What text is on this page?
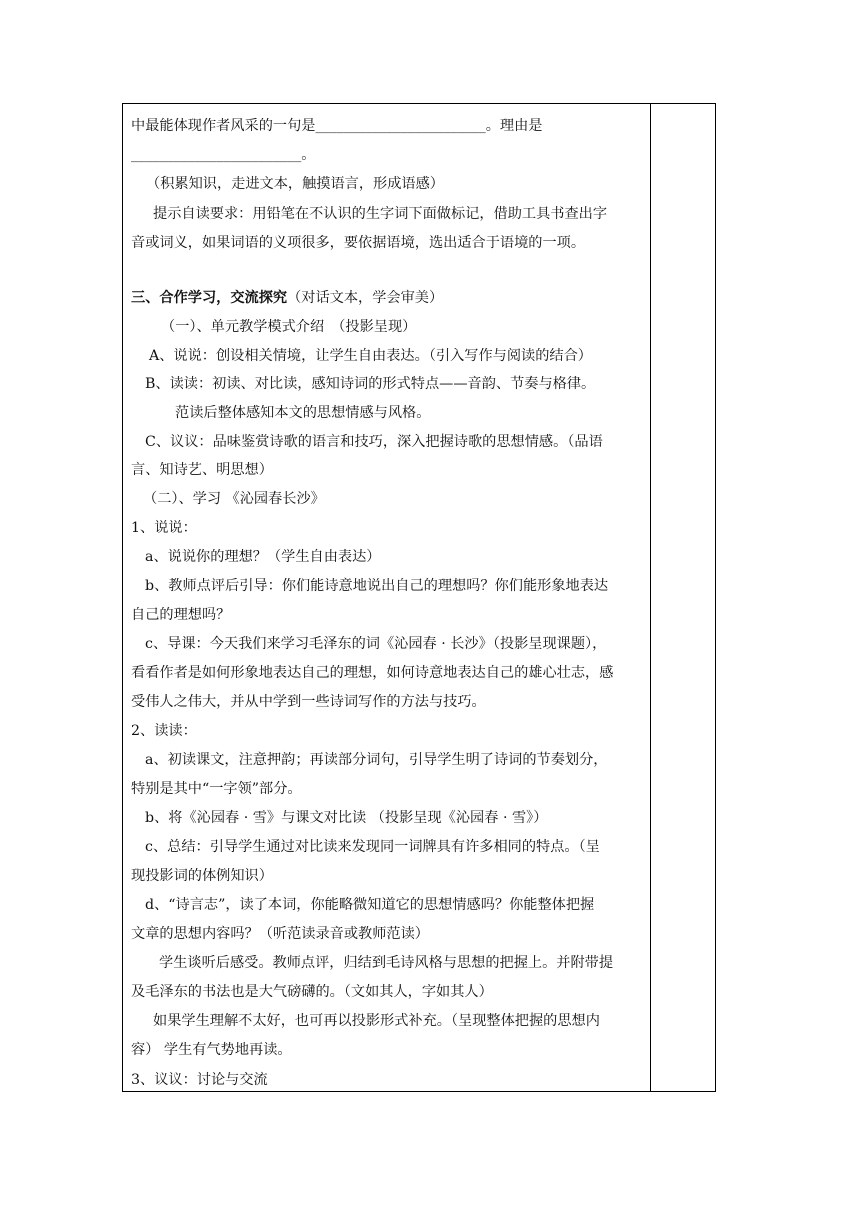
中最能体现作者风采的一句是________________________。理由是
________________________。
（积累知识，走进文本，触摸语言，形成语感）
提示自读要求：用铅笔在不认识的生字词下面做标记，借助工具书查出字
音或词义，如果词语的义项很多，要依据语境，选出适合于语境的一项。
三、合作学习，交流探究（对话文本，学会审美）
（一）、单元教学模式介绍　（投影呈现）
A、说说：创设相关情境，让学生自由表达。（引入写作与阅读的结合）
B、读读：初读、对比读，感知诗词的形式特点——音韵、节奏与格律。
范读后整体感知本文的思想情感与风格。
C、议议：品味鉴赏诗歌的语言和技巧，深入把握诗歌的思想情感。（品语
言、知诗艺、明思想）
（二）、学习 《沁园春长沙》
1、说说：
a、说说你的理想？（学生自由表达）
b、教师点评后引导：你们能诗意地说出自己的理想吗？你们能形象地表达
自己的理想吗？
c、导课：今天我们来学习毛泽东的词《沁园春 · 长沙》（投影呈现课题），
看看作者是如何形象地表达自己的理想，如何诗意地表达自己的雄心壮志，感
受伟人之伟大，并从中学到一些诗词写作的方法与技巧。
2、读读：
a、初读课文，注意押韵；再读部分词句，引导学生明了诗词的节奏划分，
特别是其中“一字领”部分。
b、将《沁园春 · 雪》与课文对比读 （投影呈现《沁园春 · 雪》）
c、总结：引导学生通过对比读来发现同一词牌具有许多相同的特点。（呈
现投影词的体例知识）
d、“诗言志”，读了本词，你能略微知道它的思想情感吗？你能整体把握
文章的思想内容吗？（听范读录音或教师范读）
学生谈听后感受。教师点评，归结到毛诗风格与思想的把握上。并附带提
及毛泽东的书法也是大气磅礴的。（文如其人，字如其人）
如果学生理解不太好，也可再以投影形式补充。（呈现整体把握的思想内
容） 学生有气势地再读。
3、议议：讨论与交流
